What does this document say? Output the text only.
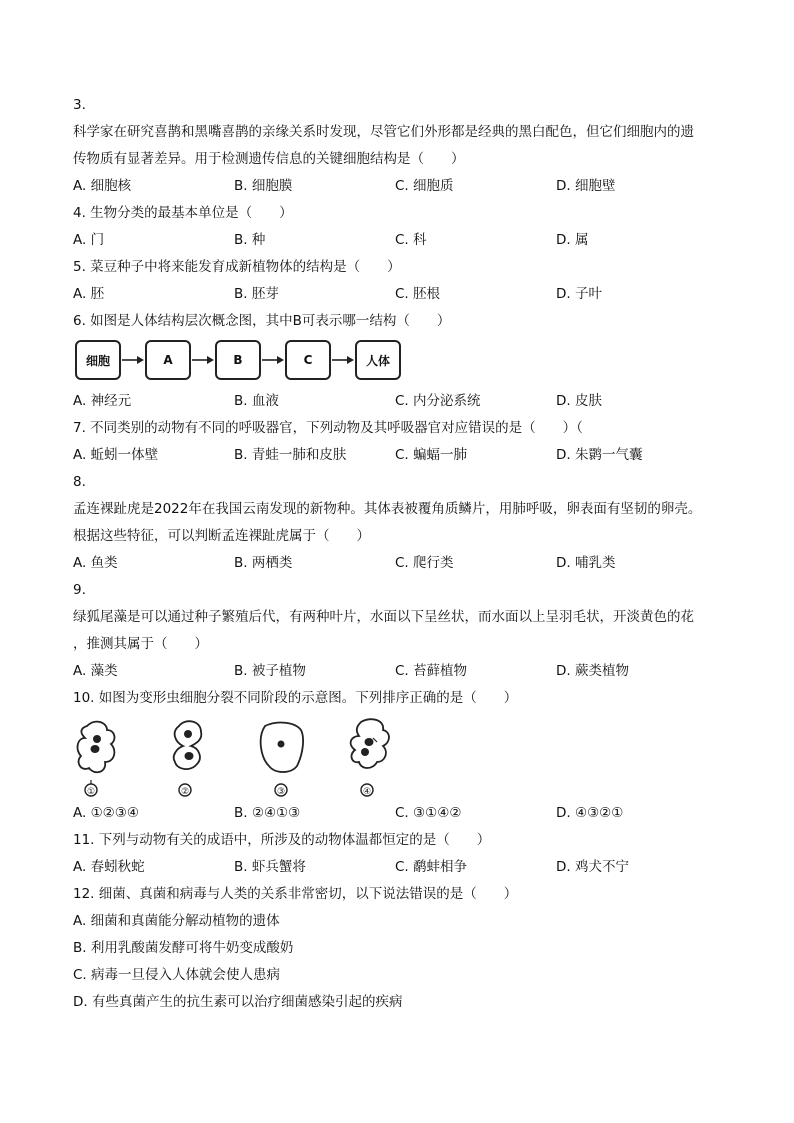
3.
科学家在研究喜鹊和黑嘴喜鹊的亲缘关系时发现，尽管它们外形都是经典的黑白配色，但它们细胞内的遗
传物质有显著差异。用于检测遗传信息的关键细胞结构是（　　）
A. 细胞核	B. 细胞膜	C. 细胞质	D. 细胞壁
4. 生物分类的最基本单位是（　　）
A. 门	B. 种	C. 科	D. 属
5. 菜豆种子中将来能发育成新植物体的结构是（　　）
A. 胚	B. 胚芽	C. 胚根	D. 子叶
6. 如图是人体结构层次概念图，其中B可表示哪一结构（　　）
细胞	A	B	C	人体
A. 神经元	B. 血液	C. 内分泌系统	D. 皮肤
7. 不同类别的动物有不同的呼吸器官，下列动物及其呼吸器官对应错误的是（　　）（
A. 蚯蚓一体壁	B. 青蛙一肺和皮肤	C. 蝙蝠一肺	D. 朱鹮一气囊
8.
孟连裸趾虎是2022年在我国云南发现的新物种。其体表被覆角质鳞片，用肺呼吸，卵表面有坚韧的卵壳。
根据这些特征，可以判断孟连裸趾虎属于（　　）
A. 鱼类	B. 两栖类	C. 爬行类	D. 哺乳类
9.
绿狐尾藻是可以通过种子繁殖后代，有两种叶片，水面以下呈丝状，而水面以上呈羽毛状，开淡黄色的花
，推测其属于（　　）
A. 藻类	B. 被子植物	C. 苔藓植物	D. 蕨类植物
10. 如图为变形虫细胞分裂不同阶段的示意图。下列排序正确的是（　　）
①	②	③	④
A. ①②③④	B. ②④①③	C. ③①④②	D. ④③②①
11. 下列与动物有关的成语中，所涉及的动物体温都恒定的是（　　）
A. 春蚓秋蛇	B. 虾兵蟹将	C. 鹬蚌相争	D. 鸡犬不宁
12. 细菌、真菌和病毒与人类的关系非常密切，以下说法错误的是（　　）
A. 细菌和真菌能分解动植物的遗体
B. 利用乳酸菌发酵可将牛奶变成酸奶
C. 病毒一旦侵入人体就会使人患病
D. 有些真菌产生的抗生素可以治疗细菌感染引起的疾病
